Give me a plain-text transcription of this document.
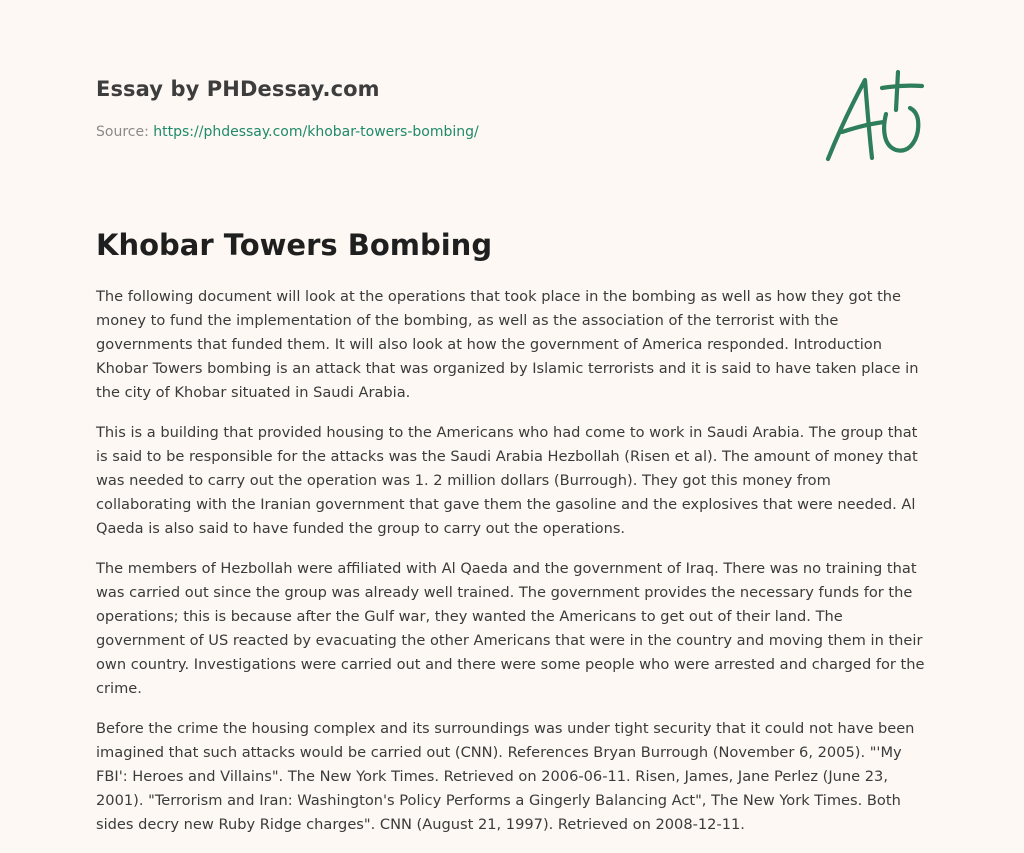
Essay by PHDessay.com
Source: https://phdessay.com/khobar-towers-bombing/
Khobar Towers Bombing

The following document will look at the operations that took place in the bombing as well as how they got the money to fund the implementation of the bombing, as well as the association of the terrorist with the governments that funded them. It will also look at how the government of America responded. Introduction Khobar Towers bombing is an attack that was organized by Islamic terrorists and it is said to have taken place in the city of Khobar situated in Saudi Arabia.

This is a building that provided housing to the Americans who had come to work in Saudi Arabia. The group that is said to be responsible for the attacks was the Saudi Arabia Hezbollah (Risen et al). The amount of money that was needed to carry out the operation was 1. 2 million dollars (Burrough). They got this money from collaborating with the Iranian government that gave them the gasoline and the explosives that were needed. Al Qaeda is also said to have funded the group to carry out the operations.

The members of Hezbollah were affiliated with Al Qaeda and the government of Iraq. There was no training that was carried out since the group was already well trained. The government provides the necessary funds for the operations; this is because after the Gulf war, they wanted the Americans to get out of their land. The government of US reacted by evacuating the other Americans that were in the country and moving them in their own country. Investigations were carried out and there were some people who were arrested and charged for the crime.

Before the crime the housing complex and its surroundings was under tight security that it could not have been imagined that such attacks would be carried out (CNN). References Bryan Burrough (November 6, 2005). "'My FBI': Heroes and Villains". The New York Times. Retrieved on 2006-06-11. Risen, James, Jane Perlez (June 23, 2001). "Terrorism and Iran: Washington's Policy Performs a Gingerly Balancing Act", The New York Times. Both sides decry new Ruby Ridge charges". CNN (August 21, 1997). Retrieved on 2008-12-11.
